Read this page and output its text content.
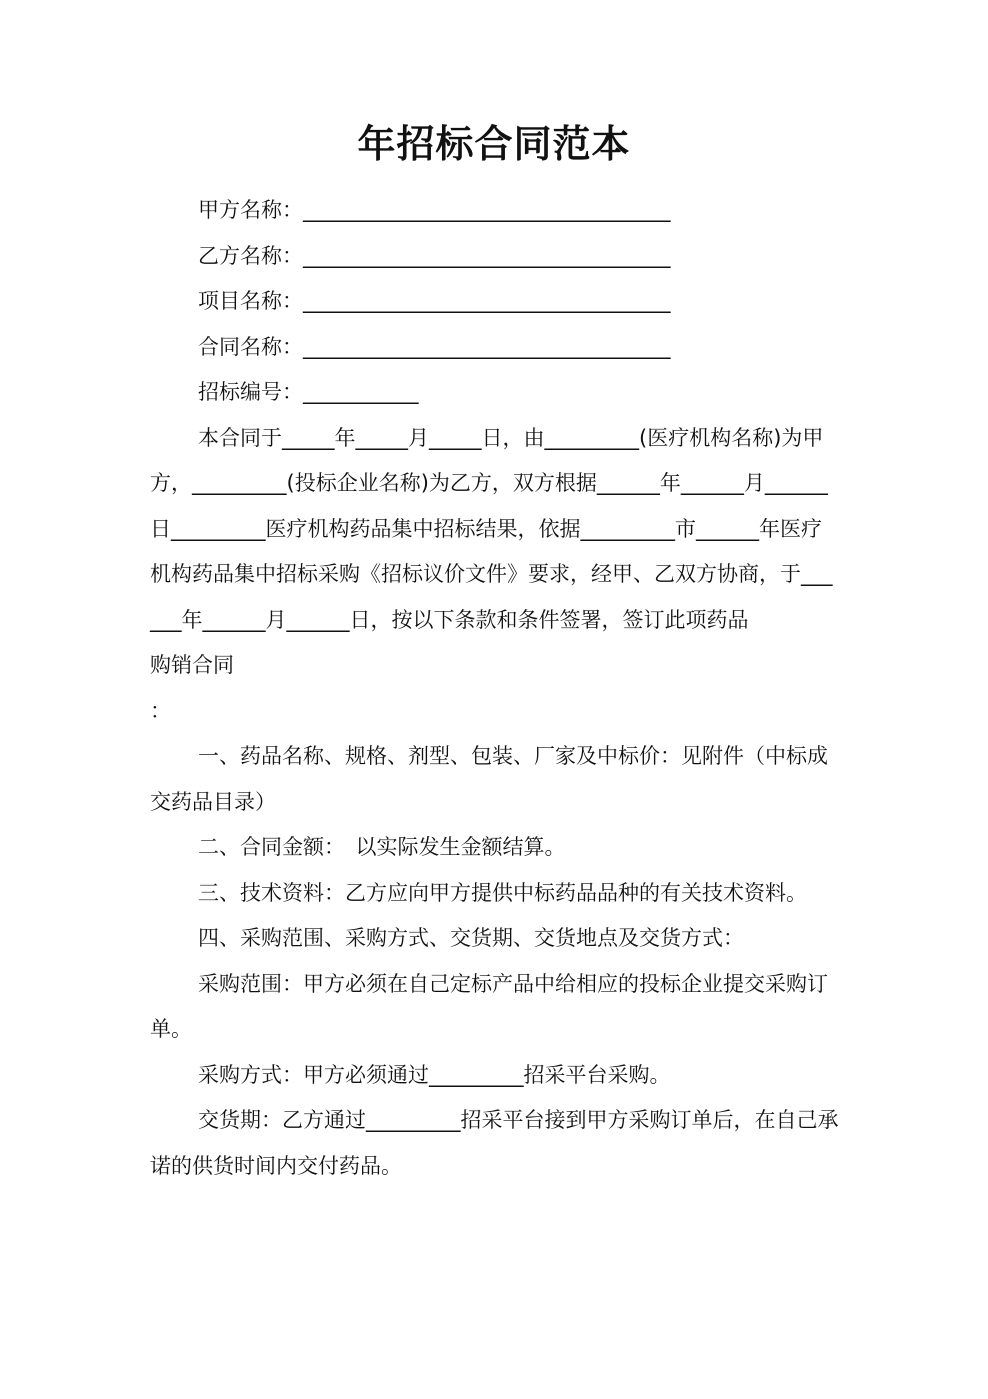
年招标合同范本

甲方名称：___________________________________

乙方名称：___________________________________

项目名称：___________________________________

合同名称：___________________________________

招标编号：___________

本合同于_____年_____月_____日，由_________(医疗机构名称)为甲方，_________(投标企业名称)为乙方，双方根据______年______月______日_________医疗机构药品集中招标结果，依据_________市______年医疗机构药品集中招标采购《招标议价文件》要求，经甲、乙双方协商，于______年______月______日，按以下条款和条件签署，签订此项药品

购销合同

：

一、药品名称、规格、剂型、包装、厂家及中标价：见附件（中标成交药品目录）

二、合同金额：　以实际发生金额结算。

三、技术资料：乙方应向甲方提供中标药品品种的有关技术资料。

四、采购范围、采购方式、交货期、交货地点及交货方式：

采购范围：甲方必须在自己定标产品中给相应的投标企业提交采购订单。

采购方式：甲方必须通过_________招采平台采购。

交货期：乙方通过_________招采平台接到甲方采购订单后，在自己承诺的供货时间内交付药品。
